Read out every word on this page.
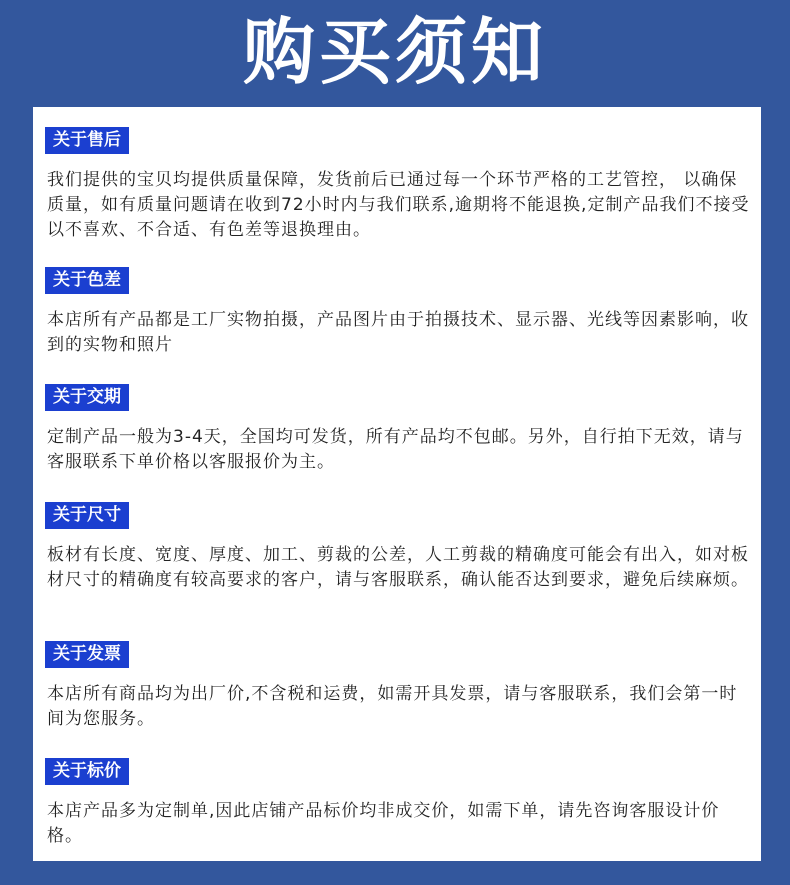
购买须知
关于售后

我们提供的宝贝均提供质量保障，发货前后已通过每一个环节严格的工艺管控， 以确保质量，如有质量问题请在收到72小时内与我们联系,逾期将不能退换,定制产品我们不接受以不喜欢、不合适、有色差等退换理由。

关于色差

本店所有产品都是工厂实物拍摄，产品图片由于拍摄技术、显示器、光线等因素影响，收到的实物和照片

关于交期

定制产品一般为3-4天，全国均可发货，所有产品均不包邮。另外，自行拍下无效，请与客服联系下单价格以客服报价为主。

关于尺寸

板材有长度、宽度、厚度、加工、剪裁的公差，人工剪裁的精确度可能会有出入，如对板材尺寸的精确度有较高要求的客户，请与客服联系，确认能否达到要求，避免后续麻烦。

关于发票

本店所有商品均为出厂价,不含税和运费，如需开具发票，请与客服联系，我们会第一时间为您服务。

关于标价

本店产品多为定制单,因此店铺产品标价均非成交价，如需下单，请先咨询客服设计价格。
